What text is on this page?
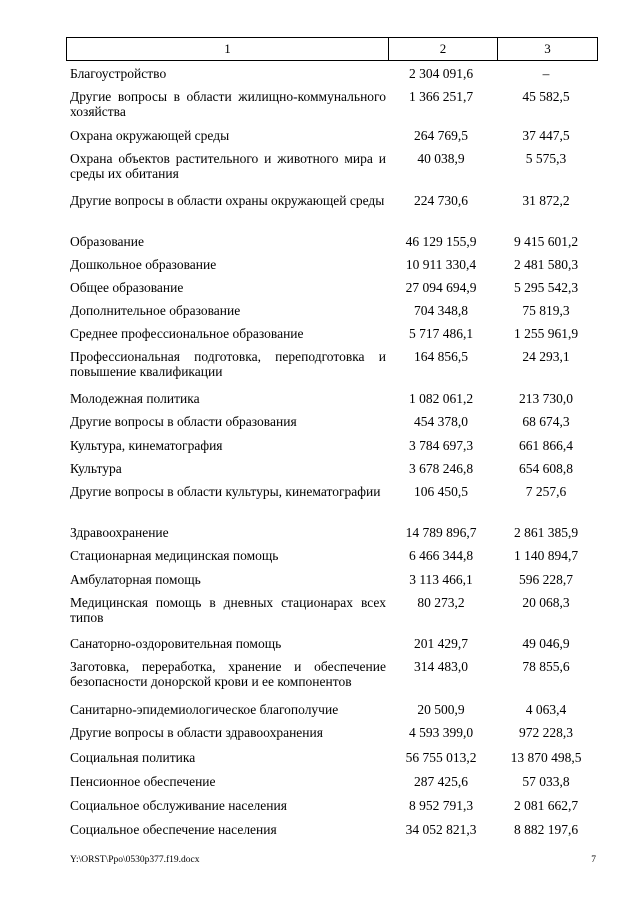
1	2	3
Благоустройство	2 304 091,6	–
Другие вопросы в области жилищно-коммунального хозяйства
1 366 251,7	45 582,5
Охрана окружающей среды	264 769,5	37 447,5
Охрана объектов растительного и животного мира и среды их обитания
40 038,9	5 575,3
Другие вопросы в области охраны окружающей среды	224 730,6	31 872,2
Образование	46 129 155,9	9 415 601,2
Дошкольное образование	10 911 330,4	2 481 580,3
Общее образование	27 094 694,9	5 295 542,3
Дополнительное образование	704 348,8	75 819,3
Среднее профессиональное образование	5 717 486,1	1 255 961,9
Профессиональная подготовка, переподготовка и повышение квалификации
164 856,5	24 293,1
Молодежная политика	1 082 061,2	213 730,0
Другие вопросы в области образования	454 378,0	68 674,3
Культура, кинематография	3 784 697,3	661 866,4
Культура	3 678 246,8	654 608,8
Другие вопросы в области культуры, кинематографии	106 450,5	7 257,6
Здравоохранение	14 789 896,7	2 861 385,9
Стационарная медицинская помощь	6 466 344,8	1 140 894,7
Амбулаторная помощь	3 113 466,1	596 228,7
Медицинская помощь в дневных стационарах всех типов
80 273,2	20 068,3
Санаторно-оздоровительная помощь	201 429,7	49 046,9
Заготовка, переработка, хранение и обеспечение безопасности донорской крови и ее компонентов
314 483,0	78 855,6
Санитарно-эпидемиологическое благополучие	20 500,9	4 063,4
Другие вопросы в области здравоохранения	4 593 399,0	972 228,3
Социальная политика	56 755 013,2	13 870 498,5
Пенсионное обеспечение	287 425,6	57 033,8
Социальное обслуживание населения	8 952 791,3	2 081 662,7
Социальное обеспечение населения	34 052 821,3	8 882 197,6
Y:\ORST\Ppo\0530p377.f19.docx	7
